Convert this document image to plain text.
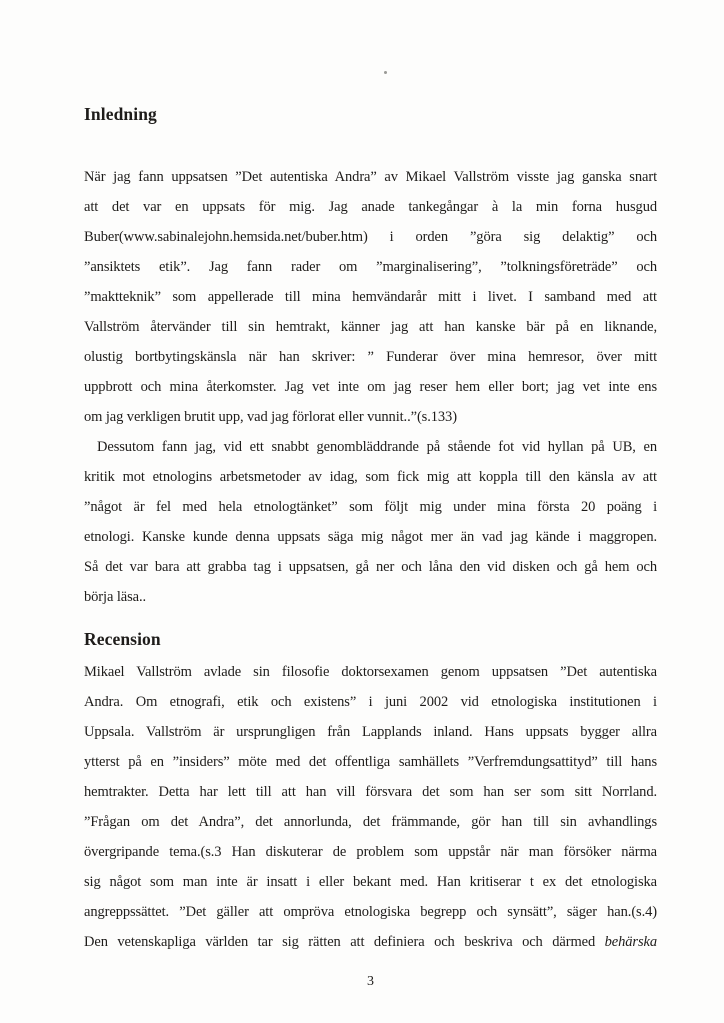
Inledning
När jag fann uppsatsen ”Det autentiska Andra” av Mikael Vallström visste jag ganska snart
att det var en uppsats för mig. Jag anade tankegångar à la min forna husgud
Buber(www.sabinalejohn.hemsida.net/buber.htm) i orden ”göra sig delaktig” och
”ansiktets etik”. Jag fann rader om ”marginalisering”, ”tolkningsföreträde” och
”maktteknik” som appellerade till mina hemvändarår mitt i livet. I samband med att
Vallström återvänder till sin hemtrakt, känner jag att han kanske bär på en liknande,
olustig bortbytingskänsla när han skriver: ” Funderar över mina hemresor, över mitt
uppbrott och mina återkomster. Jag vet inte om jag reser hem eller bort; jag vet inte ens
om jag verkligen brutit upp, vad jag förlorat eller vunnit..”(s.133)
Dessutom fann jag, vid ett snabbt genombläddrande på stående fot vid hyllan på UB, en
kritik mot etnologins arbetsmetoder av idag, som fick mig att koppla till den känsla av att
”något är fel med hela etnologtänket” som följt mig under mina första 20 poäng i
etnologi. Kanske kunde denna uppsats säga mig något mer än vad jag kände i maggropen.
Så det var bara att grabba tag i uppsatsen, gå ner och låna den vid disken och gå hem och
börja läsa..
Recension
Mikael Vallström avlade sin filosofie doktorsexamen genom uppsatsen ”Det autentiska
Andra. Om etnografi, etik och existens” i juni 2002 vid etnologiska institutionen i
Uppsala. Vallström är ursprungligen från Lapplands inland. Hans uppsats bygger allra
ytterst på en ”insiders” möte med det offentliga samhällets ”Verfremdungsattityd” till hans
hemtrakter. Detta har lett till att han vill försvara det som han ser som sitt Norrland.
”Frågan om det Andra”, det annorlunda, det främmande, gör han till sin avhandlings
övergripande tema.(s.3 Han diskuterar de problem som uppstår när man försöker närma
sig något som man inte är insatt i eller bekant med. Han kritiserar t ex det etnologiska
angreppssättet. ”Det gäller att ompröva etnologiska begrepp och synsätt”, säger han.(s.4)
Den vetenskapliga världen tar sig rätten att definiera och beskriva och därmed behärska
3
